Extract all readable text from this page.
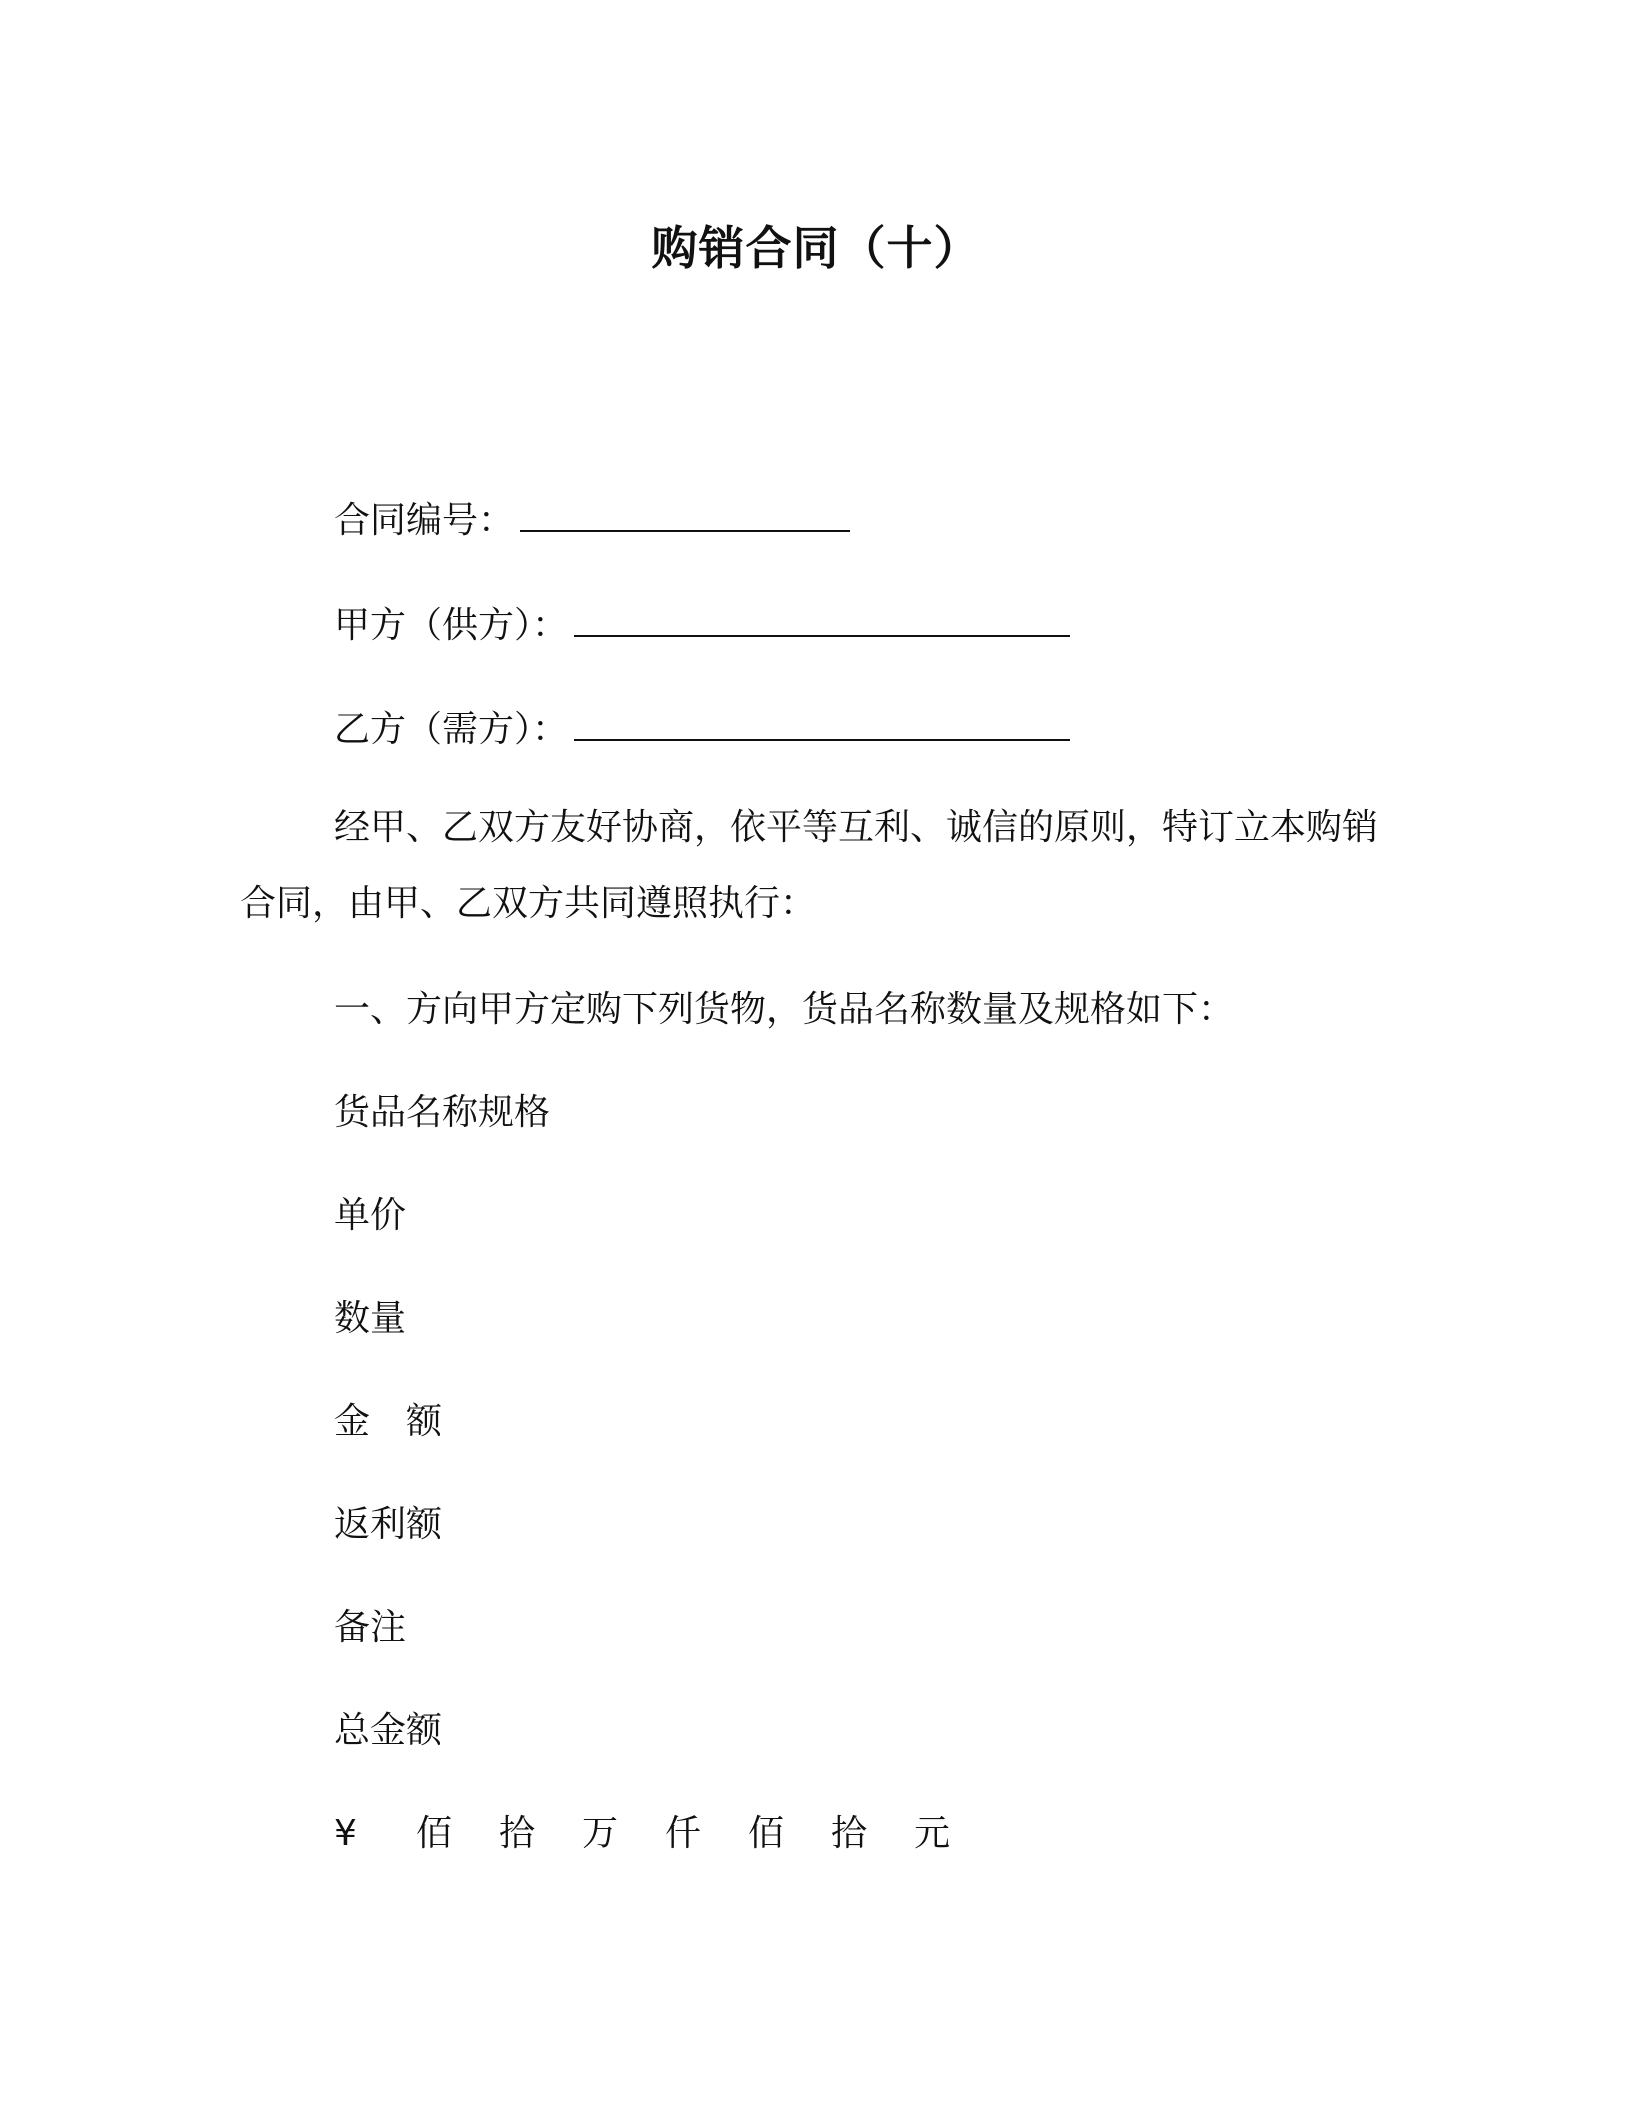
购销合同（十）
合同编号：
甲方（供方）：
乙方（需方）：
经甲、乙双方友好协商，依平等互利、诚信的原则，特订立本购销合同，由甲、乙双方共同遵照执行：
一、方向甲方定购下列货物，货品名称数量及规格如下：
货品名称规格
单价
数量
金　额
返利额
备注
总金额
¥ 佰 拾 万 仟 佰 拾 元
